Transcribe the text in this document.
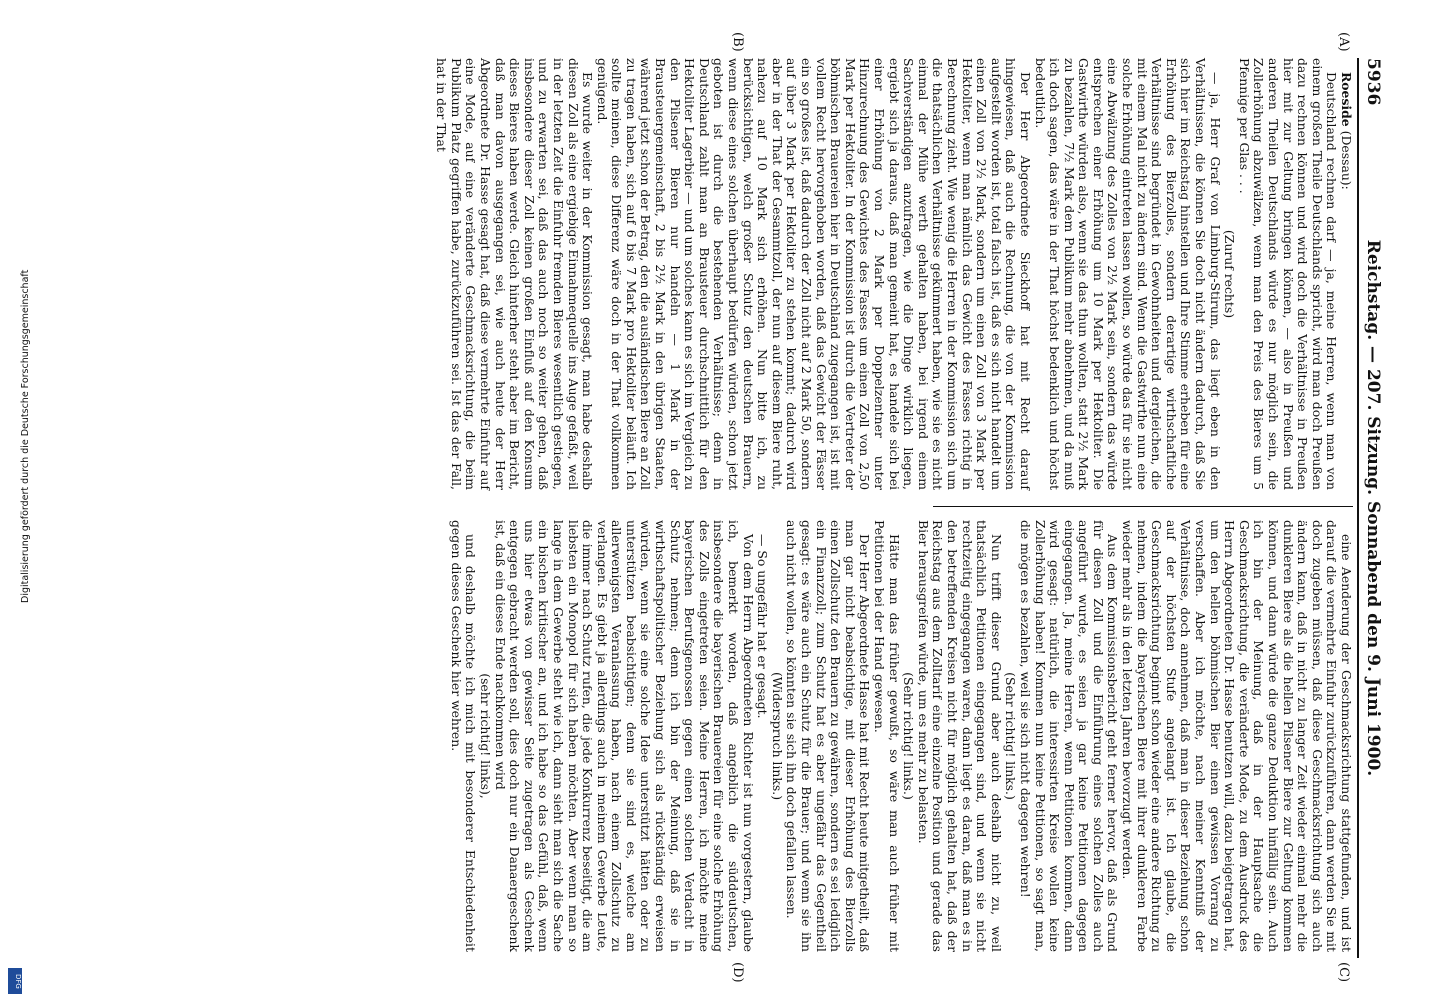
5936
Reichstag. — 207. Sitzung. Sonnabend den 9. Juni 1900.
(A)
(B)
(C)
(D)

Roeside (Dessau):

Deutschland rechnen darf — ja, meine Herren, wenn man von einem großen Theile Deutschlands spricht, wird man doch Preußen dazu rechnen können und wird doch die Verhältnisse in Preußen hier mit zur Geltung bringen können, — also in Preußen und anderen Theilen Deutschlands würde es nur möglich sein, die Zollerhöhung abzuwälzen, wenn man den Preis des Bieres um 5 Pfennige per Glas . . .

(Zuruf rechts)

— ja, Herr Graf von Limburg-Stirum, das liegt eben in den Verhältnissen, die können Sie doch nicht ändern dadurch, daß Sie sich hier im Reichstag hinstellen und Ihre Stimme erheben für eine Erhöhung des Bierzolles, sondern derartige wirthschaftliche Verhältnisse sind begründet in Gewohnheiten und dergleichen, die mit einem Mal nicht zu ändern sind. Wenn die Gastwirthe nun eine solche Erhöhung eintreten lassen wollen, so würde das für sie nicht eine Abwälzung des Zolles von 2½ Mark sein, sondern das würde entsprechen einer Erhöhung um 10 Mark per Hektoliter. Die Gastwirthe würden also, wenn sie das thun wollten, statt 2½ Mark zu bezahlen, 7½ Mark dem Publikum mehr abnehmen, und da muß ich doch sagen, das wäre in der That höchst bedenklich und höchst bedeutlich.

Der Herr Abgeordnete Sieckhoff hat mit Recht darauf hingewiesen, daß auch die Rechnung, die von der Kommission aufgestellt worden ist, total falsch ist, daß es sich nicht handelt um einen Zoll von 2½ Mark, sondern um einen Zoll von 3 Mark per Hektoliter, wenn man nämlich das Gewicht des Fasses richtig in Berechnung zieht. Wie wenig die Herren in der Kommission sich um die thatsächlichen Verhältnisse gekümmert haben, wie sie es nicht einmal der Mühe werth gehalten haben, bei irgend einem Sachverständigen anzufragen, wie die Dinge wirklich liegen, ergiebt sich ja daraus, daß man gemeint hat, es handele sich bei einer Erhöhung von 2 Mark per Doppelzentner unter Hinzurechnung des Gewichtes des Fasses um einen Zoll von 2,50 Mark per Hektoliter. In der Kommission ist durch die Vertreter der böhmischen Brauereien hier in Deutschland zugegangen ist, ist mit vollem Recht hervorgehoben worden, daß das Gewicht der Fässer ein so großes ist, daß dadurch der Zoll nicht auf 2 Mark 50, sondern auf über 3 Mark per Hektoliter zu stehen kommt; dadurch wird aber in der That der Gesammtzoll, der nun auf diesem Biere ruht, nahezu auf 10 Mark sich erhöhen. Nun bitte ich, zu berücksichtigen, welch großer Schutz den deutschen Brauern, wenn diese eines solchen überhaupt bedürfen würden, schon jetzt geboten ist durch die bestehenden Verhältnisse; denn in Deutschland zahlt man an Brausteuer durchschnittlich für den Hektoliter Lagerbier — und um solches kann es sich im Vergleich zu den Pilsener Bieren nur handeln — 1 Mark in der Brausteuergemeinschaft, 2 bis 2½ Mark in den übrigen Staaten, während jetzt schon der Betrag, den die ausländischen Biere an Zoll zu tragen haben, sich auf 6 bis 7 Mark pro Hektoliter beläuft. Ich sollte meinen, diese Differenz wäre doch in der That vollkommen genügend.

Es wurde weiter in der Kommission gesagt, man habe deshalb diesen Zoll als eine ergiebige Einnahmequelle ins Auge gefaßt, weil in der letzten Zeit die Einfuhr fremden Bieres wesentlich gestiegen, und zu erwarten sei, daß das auch noch so weiter gehen, daß insbesondere dieser Zoll keinen großen Einfluß auf den Konsum dieses Bieres haben werde. Gleich hinterher steht aber im Bericht, daß man davon ausgegangen sei, wie auch heute der Herr Abgeordnete Dr. Hasse gesagt hat, daß diese vermehrte Einfuhr auf eine Mode, auf eine veränderte Geschmacksrichtung, die beim Publikum Platz gegriffen habe, zurückzuführen sei. Ist das der Fall, hat in der That

eine Aenderung der Geschmacksrichtung stattgefunden, und ist darauf die vermehrte Einfuhr zurückzuführen, dann werden Sie mit doch zugeben müssen, daß diese Geschmacksrichtung sich auch ändern kann, daß in nicht zu langer Zeit wieder einmal mehr die dunkleren Biere als die hellen Pilsener Biere zur Geltung kommen können, und dann würde die ganze Deduktion hinfällig sein. Auch ich bin der Meinung, daß in der Hauptsache die Geschmacksrichtung, die veränderte Mode, zu dem Ausdruck des Herrn Abgeordneten Dr. Hasse benutzen will, dazu beigetragen hat, um den hellen böhmischen Bier einen gewissen Vorrang zu verschaffen. Aber ich möchte, nach meiner Kenntniß der Verhältnisse, doch annehmen, daß man in dieser Beziehung schon auf der höchsten Stufe angelangt ist. Ich glaube, die Geschmacksrichtung beginnt schon wieder eine andere Richtung zu nehmen, indem die bayerischen Biere mit ihrer dunkleren Farbe wieder mehr als in den letzten Jahren bevorzugt werden.

Aus dem Kommissionsbericht geht ferner hervor, daß als Grund für diesen Zoll und die Einführung eines solchen Zolles auch angeführt wurde, es seien ja gar keine Petitionen dagegen eingegangen. Ja, meine Herren, wenn Petitionen kommen, dann wird gesagt: natürlich, die interessirten Kreise wollen keine Zollerhöhung haben! Kommen nun keine Petitionen, so sagt man, die mögen es bezahlen, weil sie sich nicht dagegen wehren!

(Sehr richtig! links.)

Nun trifft dieser Grund aber auch deshalb nicht zu, weil thatsächlich Petitionen eingegangen sind, und wenn sie nicht rechtzeitig eingegangen waren, dann liegt es daran, daß man es in den betreffenden Kreisen nicht für möglich gehalten hat, daß der Reichstag aus dem Zolltarif eine einzelne Position und gerade das Bier herausgreifen würde, um es mehr zu belasten.

(Sehr richtig! links.)

Hätte man das früher gewußt, so wäre man auch früher mit Petitionen bei der Hand gewesen.

Der Herr Abgeordnete Hasse hat mit Recht heute mitgetheilt, daß man gar nicht beabsichtige, mit dieser Erhöhung des Bierzolls einen Zollschutz den Brauern zu gewähren, sondern es sei lediglich ein Finanzzoll; zum Schutz hat es aber ungefähr das Gegentheil gesagt: es wäre auch ein Schutz für die Brauer; und wenn sie ihn auch nicht wollen, so könnten sie sich ihn doch gefallen lassen.

(Widerspruch links.)

— So ungefähr hat er gesagt.

Von dem Herrn Abgeordneten Richter ist nun vorgestern, glaube ich, bemerkt worden, daß angeblich die süddeutschen, insbesondere die bayerischen Brauereien für eine solche Erhöhung des Zolls eingetreten seien. Meine Herren, ich möchte meine bayerischen Berufsgenossen gegen einen solchen Verdacht in Schutz nehmen; denn ich bin der Meinung, daß sie in wirthschaftspolitischer Beziehung sich als rückständig erweisen würden, wenn sie eine solche Idee unterstützt hätten oder zu unterstützen beabsichtigen; denn sie sind es, welche am allerwenigsten Veranlassung haben, nach einem Zollschutz zu verlangen. Es giebt ja allerdings auch in meinem Gewerbe Leute, die immer nach Schutz rufen, die jede Konkurrenz beseitigt, die am liebsten ein Monopol für sich haben möchten. Aber wenn man so lange in dem Gewerbe steht wie ich, dann sieht man sich die Sache ein bischen kritischer an, und ich habe so das Gefühl, daß, wenn uns hier etwas von gewisser Seite zugetragen als Geschenk entgegen gebracht werden soll, dies doch nur ein Danaergeschenk ist, daß ein dieses Ende nachkommen wird

(sehr richtig! links),

und deshalb möchte ich mich mit besonderer Entschiedenheit gegen dieses Geschenk hier wehren.

Digitalisierung gefördert durch die Deutsche Forschungsgemeinschaft
DFG
